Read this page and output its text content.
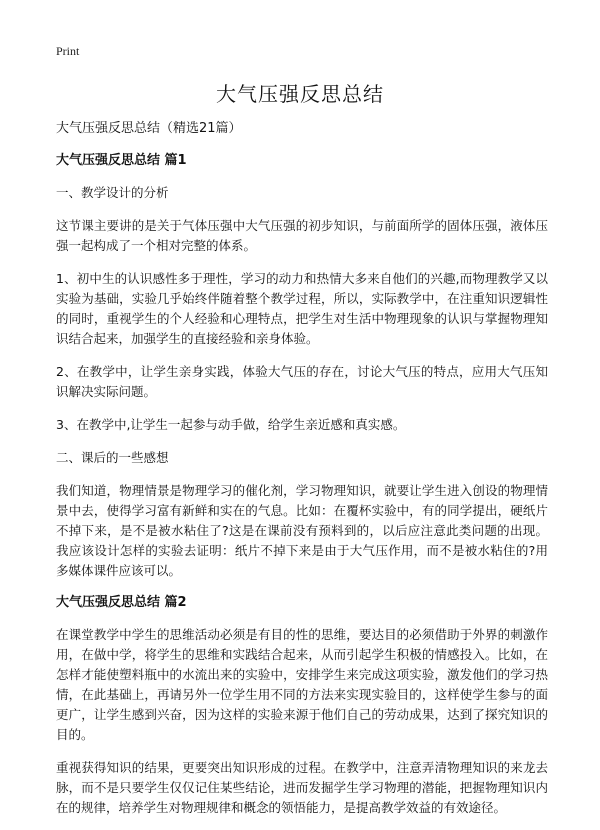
Print
大气压强反思总结

大气压强反思总结（精选21篇）

大气压强反思总结 篇1

一、教学设计的分析

这节课主要讲的是关于气体压强中大气压强的初步知识，与前面所学的固体压强，液体压强一起构成了一个相对完整的体系。

1、初中生的认识感性多于理性，学习的动力和热情大多来自他们的兴趣,而物理教学又以实验为基础，实验几乎始终伴随着整个教学过程，所以，实际教学中，在注重知识逻辑性的同时，重视学生的个人经验和心理特点，把学生对生活中物理现象的认识与掌握物理知识结合起来，加强学生的直接经验和亲身体验。

2、在教学中，让学生亲身实践，体验大气压的存在，讨论大气压的特点，应用大气压知识解决实际问题。

3、在教学中,让学生一起参与动手做，给学生亲近感和真实感。

二、课后的一些感想

我们知道，物理情景是物理学习的催化剂，学习物理知识，就要让学生进入创设的物理情景中去，使得学习富有新鲜和实在的气息。比如：在覆杯实验中，有的同学提出，硬纸片不掉下来，是不是被水粘住了?这是在课前没有预料到的，以后应注意此类问题的出现。我应该设计怎样的实验去证明：纸片不掉下来是由于大气压作用，而不是被水粘住的?用多媒体课件应该可以。

大气压强反思总结 篇2

在课堂教学中学生的思维活动必须是有目的性的思维，要达目的必须借助于外界的刺激作用，在做中学，将学生的思维和实践结合起来，从而引起学生积极的情感投入。比如，在怎样才能使塑料瓶中的水流出来的实验中，安排学生来完成这项实验，激发他们的学习热情，在此基础上，再请另外一位学生用不同的方法来实现实验目的，这样使学生参与的面更广，让学生感到兴奋，因为这样的实验来源于他们自己的劳动成果，达到了探究知识的目的。

重视获得知识的结果，更要突出知识形成的过程。在教学中，注意弄清物理知识的来龙去脉，而不是只要学生仅仅记住某些结论，进而发掘学生学习物理的潜能，把握物理知识内在的规律，培养学生对物理规律和概念的领悟能力，是提高教学效益的有效途径。
